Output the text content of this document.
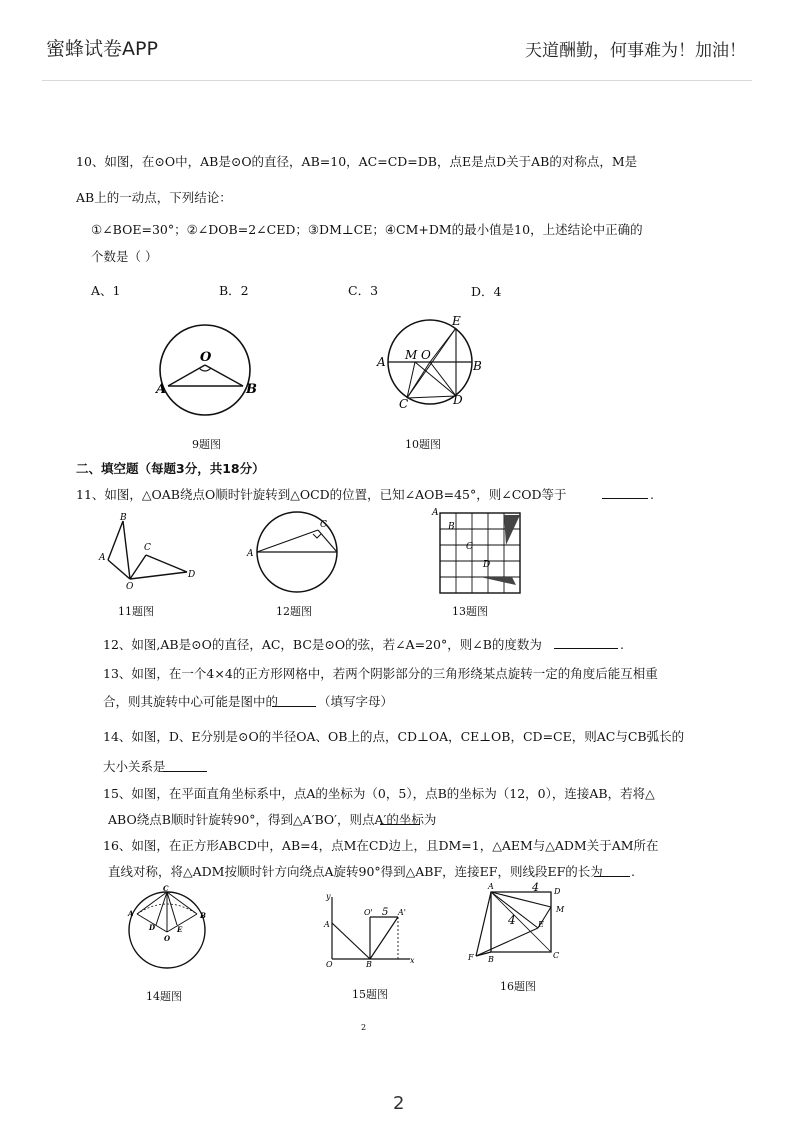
蜜蜂试卷APP	天道酬勤，何事难为！加油！
10、如图，在⊙O中，AB是⊙O的直径，AB=10，AC=CD=DB，点E是点D关于AB的对称点，M是
AB上的一动点，下列结论：
①∠BOE=30°；②∠DOB=2∠CED；③DM⊥CE；④CM+DM的最小值是10，上述结论中正确的
个数是（ ）
A、1	B．2	C．3	D．4
O
A	B
9题图
E
A M O
B
C	D
10题图
二、填空题（每题3分，共18分）
11、如图，△OAB绕点O顺时针旋转到△OCD的位置，已知∠AOB=45°，则∠COD等于	.
B
A
C
O
D
11题图
C
A
12题图
A
B
C
D
13题图
12、如图,AB是⊙O的直径，AC，BC是⊙O的弦，若∠A=20°，则∠B的度数为	.
13、如图，在一个4×4的正方形网格中，若两个阴影部分的三角形绕某点旋转一定的角度后能互相重
合，则其旋转中心可能是图中的	（填写字母）
14、如图，D、E分别是⊙O的半径OA、OB上的点，CD⊥OA，CE⊥OB，CD=CE，则AC与CB弧长的
大小关系是
15、如图，在平面直角坐标系中，点A的坐标为（0，5），点B的坐标为（12，0），连接AB，若将△
ABO绕点B顺时针旋转90°，得到△A′BO′，则点A′的坐标为
16、如图，在正方形ABCD中，AB=4，点M在CD边上，且DM=1，△AEM与△ADM关于AM所在
直线对称，将△ADM按顺时针方向绕点A旋转90°得到△ABF，连接EF，则线段EF的长为 .
C
A	B
D
O
E
14题图
y
A
O' 5 A'
O	B	x
15题图
A	4 D
M
4	E
F B	C
16题图
2
2
